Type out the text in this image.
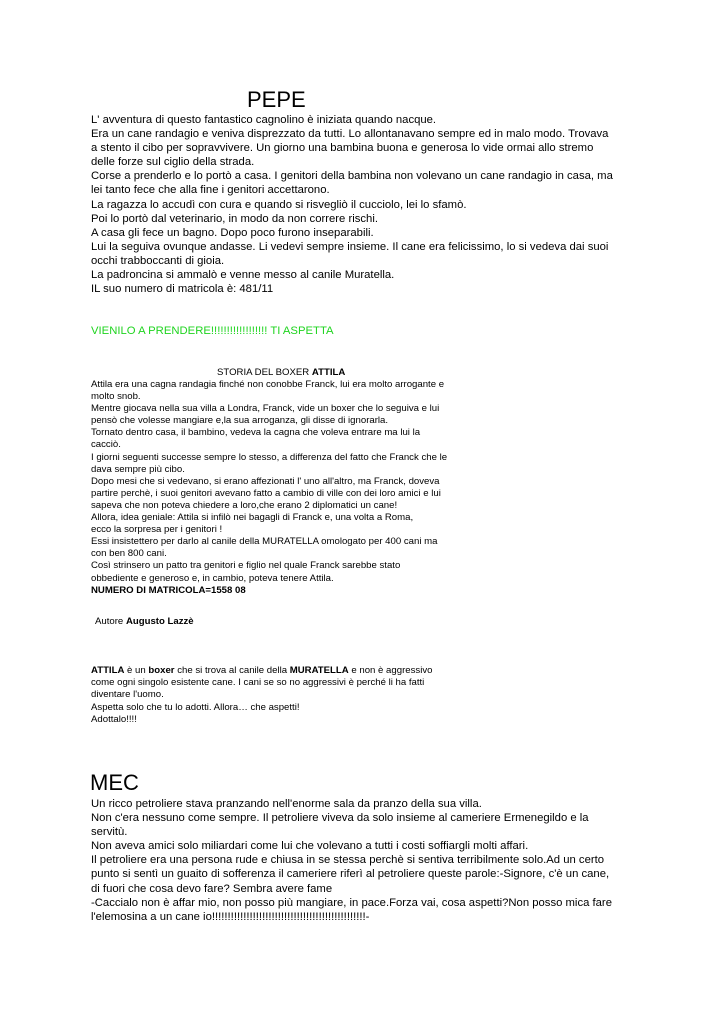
PEPE

L' avventura di questo fantastico cagnolino è iniziata quando nacque.

Era un cane randagio e veniva disprezzato da tutti. Lo allontanavano sempre ed in malo modo. Trovava

a stento il cibo per sopravvivere. Un giorno una bambina buona e generosa lo vide ormai allo stremo

delle forze sul ciglio della strada.

Corse a prenderlo e lo portò a casa. I genitori della bambina non volevano un cane randagio in casa, ma

lei tanto fece che alla fine i genitori accettarono.

La ragazza lo accudì con cura e quando si risvegliò il cucciolo, lei lo sfamò.

Poi lo portò dal veterinario, in modo da non correre rischi.

A casa gli fece un bagno. Dopo poco furono inseparabili.

Lui la seguiva ovunque andasse. Li vedevi sempre insieme. Il cane era felicissimo, lo si vedeva dai suoi

occhi trabboccanti di gioia.

La padroncina si ammalò e venne messo al canile Muratella.

IL suo numero di matricola è: 481/11

VIENILO A PRENDERE!!!!!!!!!!!!!!!!!! TI ASPETTA
STORIA DEL BOXER ATTILA

Attila era una cagna randagia finché non conobbe Franck, lui era molto arrogante e

molto snob.

Mentre giocava nella sua villa a Londra, Franck, vide un boxer che lo seguiva e lui

pensò che volesse mangiare e,la sua arroganza, gli disse di ignorarla.

Tornato dentro casa, il bambino, vedeva la cagna che voleva entrare ma lui la

cacciò.

I giorni seguenti successe sempre lo stesso, a differenza del fatto che Franck che le

dava sempre più cibo.

Dopo mesi che si vedevano, si erano affezionati l' uno all'altro, ma Franck, doveva

partire perchè, i suoi genitori avevano fatto a cambio di ville con dei loro amici e lui

sapeva che non poteva chiedere a loro,che erano 2 diplomatici un cane!

Allora, idea geniale: Attila si infilò nei bagagli di Franck e, una volta a Roma,

ecco la sorpresa per i genitori !

Essi insistettero per darlo al canile della MURATELLA omologato per 400 cani ma

con ben 800 cani.

Così strinsero un patto tra genitori e figlio nel quale Franck sarebbe stato

obbediente e generoso e, in cambio, poteva tenere Attila.

NUMERO DI MATRICOLA=1558 08

Autore Augusto Lazzè

ATTILA è un boxer che si trova al canile della MURATELLA e non è aggressivo

come ogni singolo esistente cane. I cani se so no aggressivi è perché li ha fatti

diventare l'uomo.

Aspetta solo che tu lo adotti. Allora… che aspetti!

Adottalo!!!!

MEC

Un ricco petroliere stava pranzando nell'enorme sala da pranzo della sua villa.

Non c'era nessuno come sempre. Il petroliere viveva da solo insieme al cameriere Ermenegildo e la

servitù.

Non aveva amici solo miliardari come lui che volevano a tutti i costi soffiargli molti affari.

Il petroliere era una persona rude e chiusa in se stessa perchè si sentiva terribilmente solo.Ad un certo

punto si sentì un guaito di sofferenza il cameriere riferì al petroliere queste parole:-Signore, c'è un cane,

di fuori che cosa devo fare? Sembra avere fame

-Caccialo non è affar mio, non posso più mangiare, in pace.Forza vai, cosa aspetti?Non posso mica fare

l'elemosina a un cane io!!!!!!!!!!!!!!!!!!!!!!!!!!!!!!!!!!!!!!!!!!!!!!!!!-
